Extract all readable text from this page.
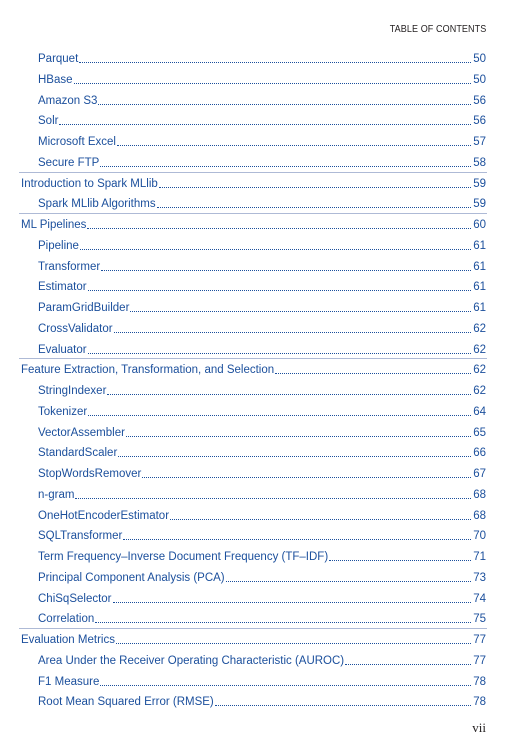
TABLE OF CONTENTS
Parquet	50
HBase	50
Amazon S3	56
Solr	56
Microsoft Excel	57
Secure FTP	58
Introduction to Spark MLlib	59
Spark MLlib Algorithms	59
ML Pipelines	60
Pipeline	61
Transformer	61
Estimator	61
ParamGridBuilder	61
CrossValidator	62
Evaluator	62
Feature Extraction, Transformation, and Selection	62
StringIndexer	62
Tokenizer	64
VectorAssembler	65
StandardScaler	66
StopWordsRemover	67
n-gram	68
OneHotEncoderEstimator	68
SQLTransformer	70
Term Frequency–Inverse Document Frequency (TF–IDF)	71
Principal Component Analysis (PCA)	73
ChiSqSelector	74
Correlation	75
Evaluation Metrics	77
Area Under the Receiver Operating Characteristic (AUROC)	77
F1 Measure	78
Root Mean Squared Error (RMSE)	78
vii
